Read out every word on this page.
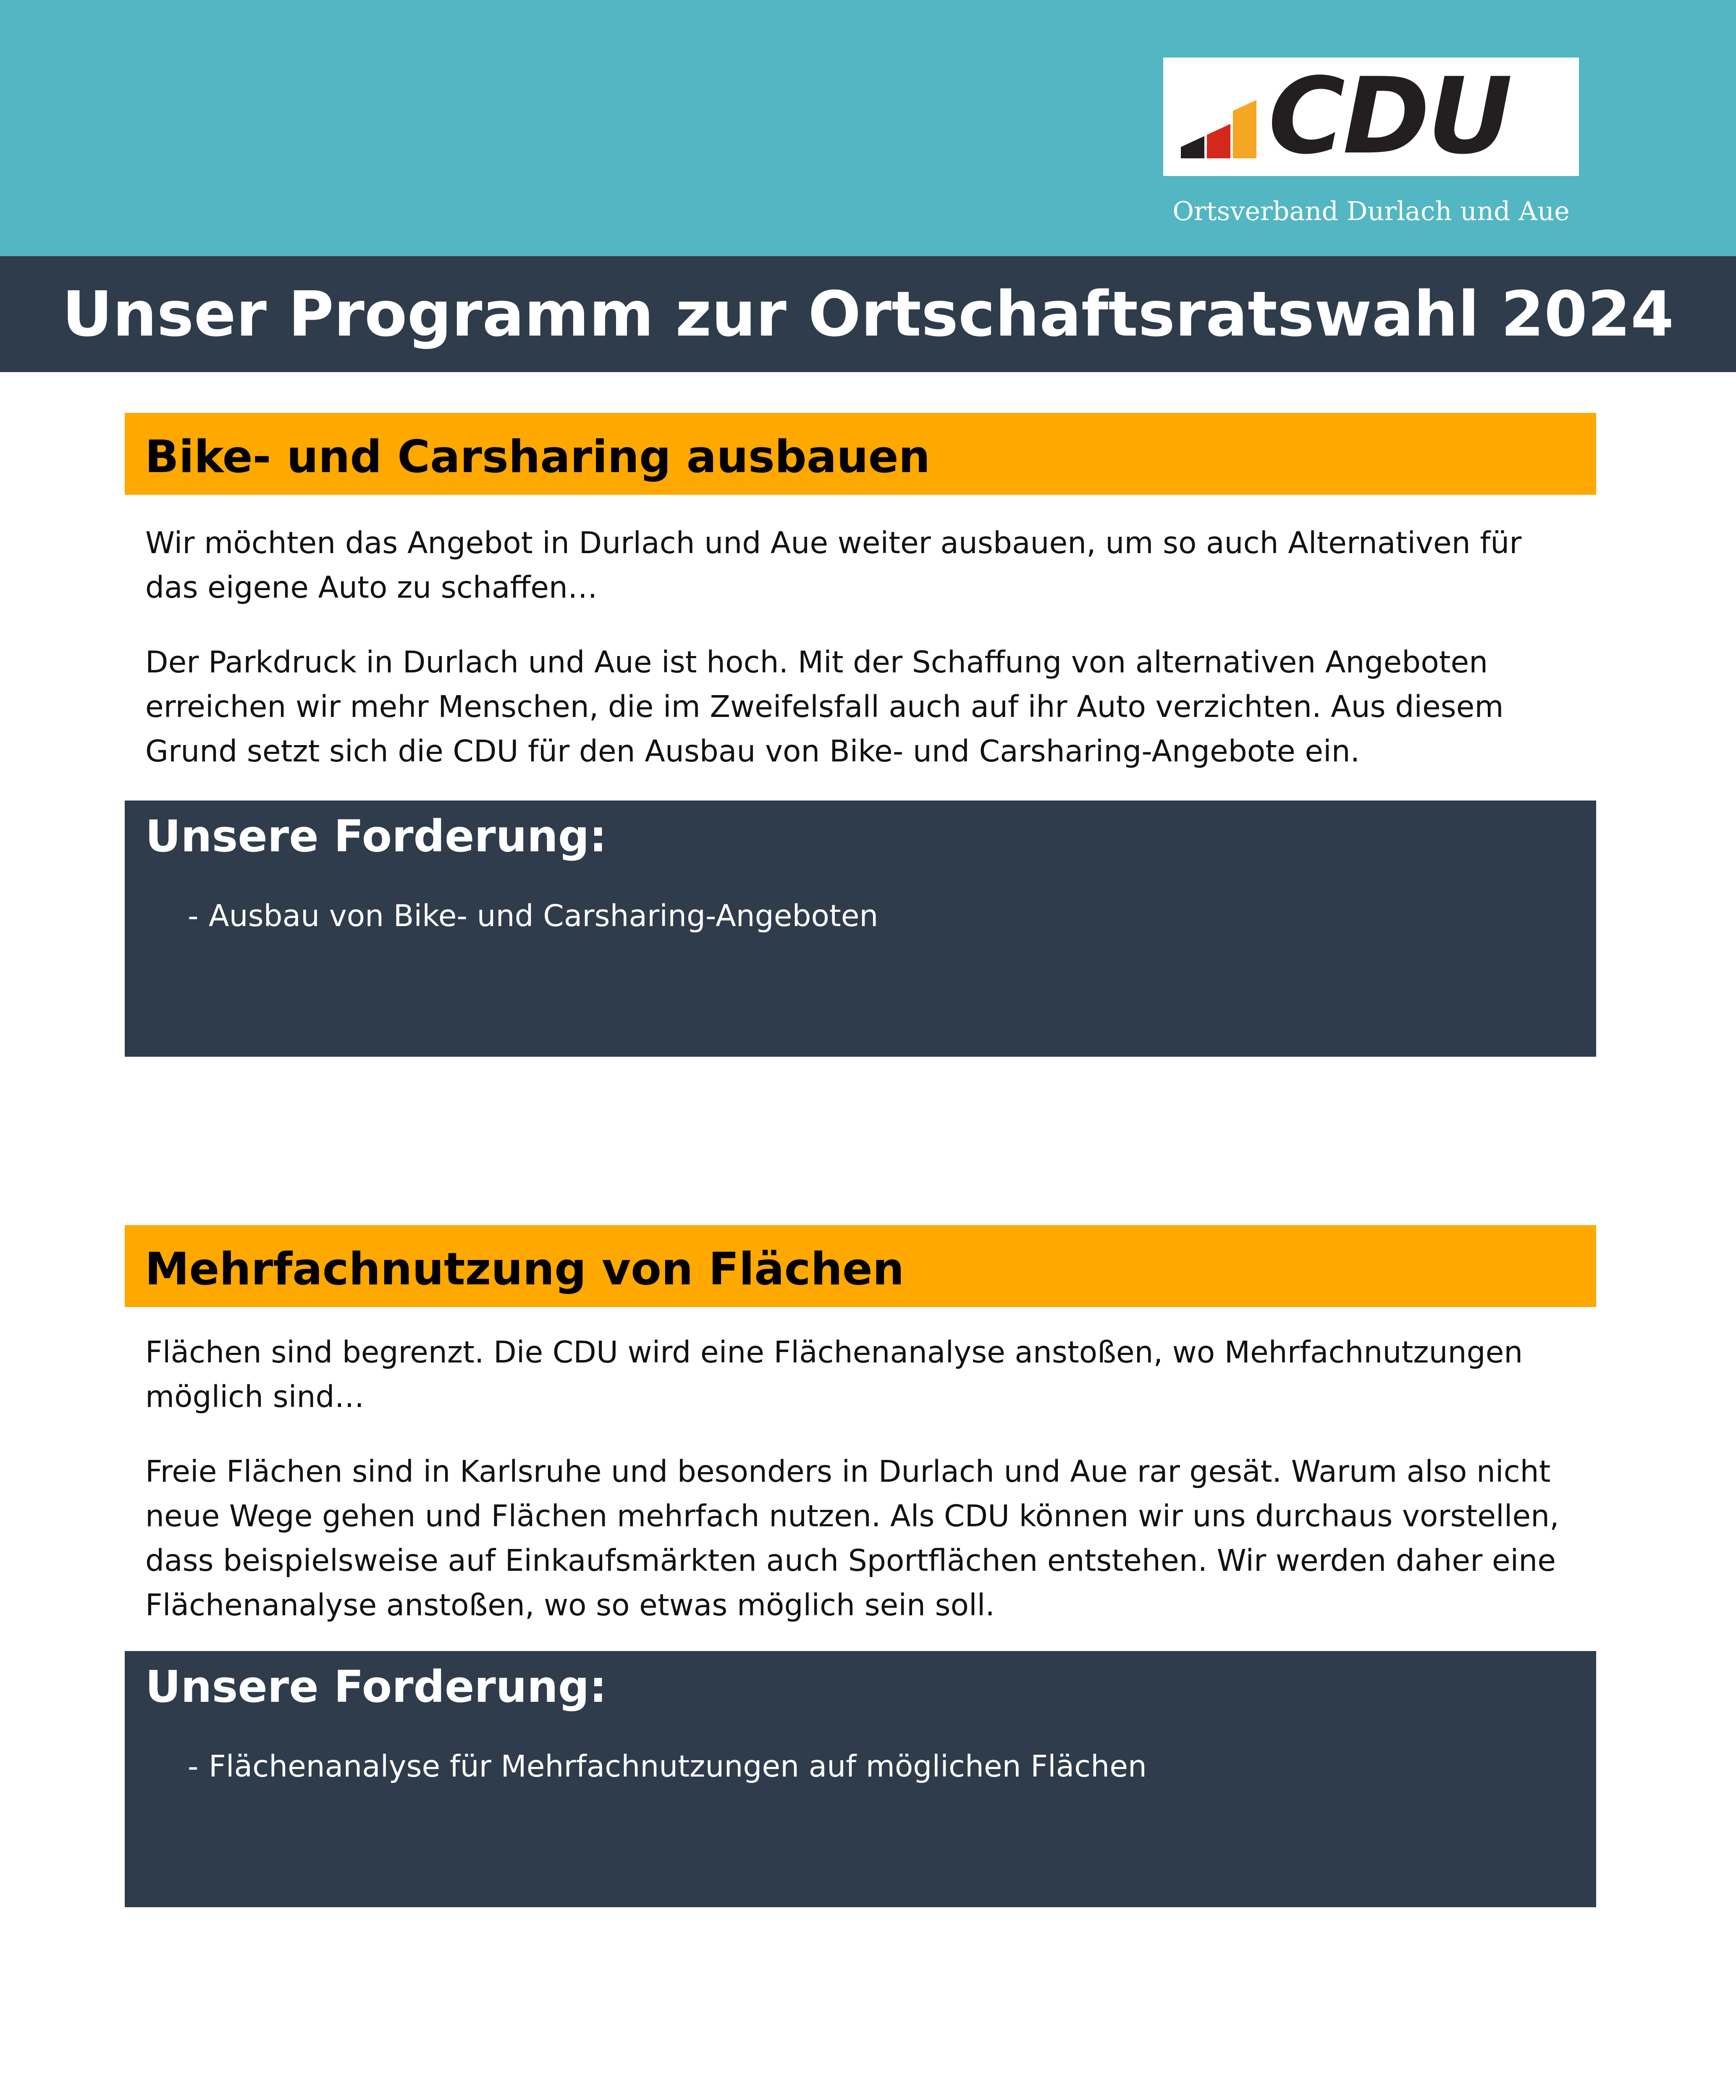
CDU
Ortsverband Durlach und Aue
Unser Programm zur Ortschaftsratswahl 2024
Bike- und Carsharing ausbauen

Wir möchten das Angebot in Durlach und Aue weiter ausbauen, um so auch Alternativen für das eigene Auto zu schaffen…

Der Parkdruck in Durlach und Aue ist hoch. Mit der Schaffung von alternativen Angeboten erreichen wir mehr Menschen, die im Zweifelsfall auch auf ihr Auto verzichten. Aus diesem Grund setzt sich die CDU für den Ausbau von Bike- und Carsharing-Angebote ein.

Unsere Forderung:
- Ausbau von Bike- und Carsharing-Angeboten
Mehrfachnutzung von Flächen

Flächen sind begrenzt. Die CDU wird eine Flächenanalyse anstoßen, wo Mehrfachnutzungen möglich sind…

Freie Flächen sind in Karlsruhe und besonders in Durlach und Aue rar gesät. Warum also nicht neue Wege gehen und Flächen mehrfach nutzen. Als CDU können wir uns durchaus vorstellen, dass beispielsweise auf Einkaufsmärkten auch Sportflächen entstehen. Wir werden daher eine Flächenanalyse anstoßen, wo so etwas möglich sein soll.

Unsere Forderung:
- Flächenanalyse für Mehrfachnutzungen auf möglichen Flächen
